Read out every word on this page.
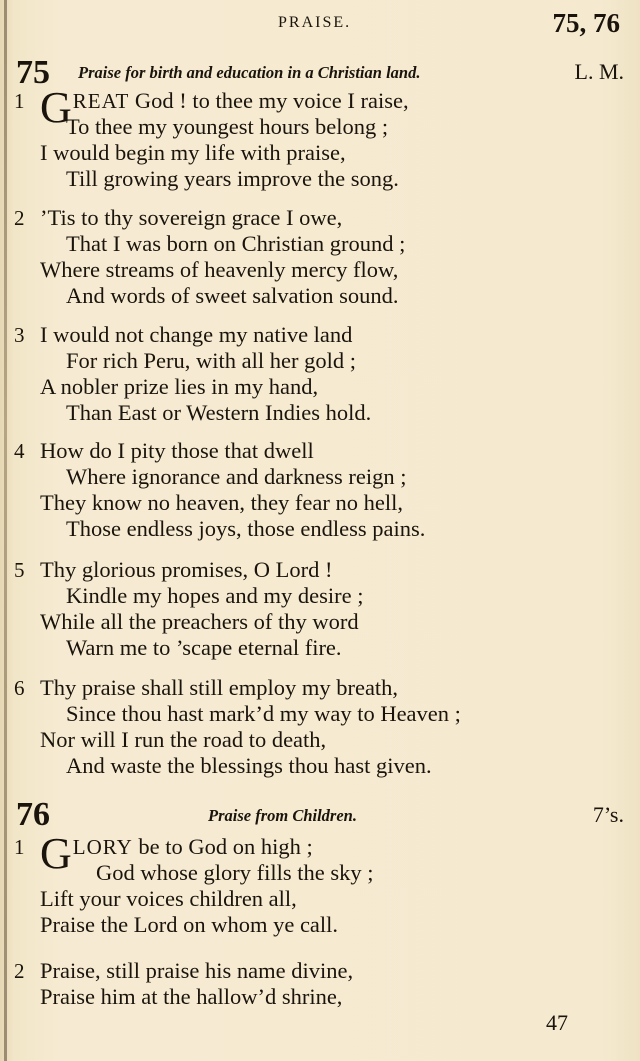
PRAISE.	75, 76
75 Praise for birth and education in a Christian land.	L. M.
1 GREAT God ! to thee my voice I raise,
To thee my youngest hours belong ;
I would begin my life with praise,
Till growing years improve the song.
2 ’Tis to thy sovereign grace I owe,
That I was born on Christian ground ;
Where streams of heavenly mercy flow,
And words of sweet salvation sound.
3 I would not change my native land
For rich Peru, with all her gold ;
A nobler prize lies in my hand,
Than East or Western Indies hold.
4 How do I pity those that dwell
Where ignorance and darkness reign ;
They know no heaven, they fear no hell,
Those endless joys, those endless pains.
5 Thy glorious promises, O Lord !
Kindle my hopes and my desire ;
While all the preachers of thy word
Warn me to ’scape eternal fire.
6 Thy praise shall still employ my breath,
Since thou hast mark’d my way to Heaven ;
Nor will I run the road to death,
And waste the blessings thou hast given.
76	Praise from Children.	7’s.
1 GLORY be to God on high ;
God whose glory fills the sky ;
Lift your voices children all,
Praise the Lord on whom ye call.
2 Praise, still praise his name divine,
Praise him at the hallow’d shrine,
47
